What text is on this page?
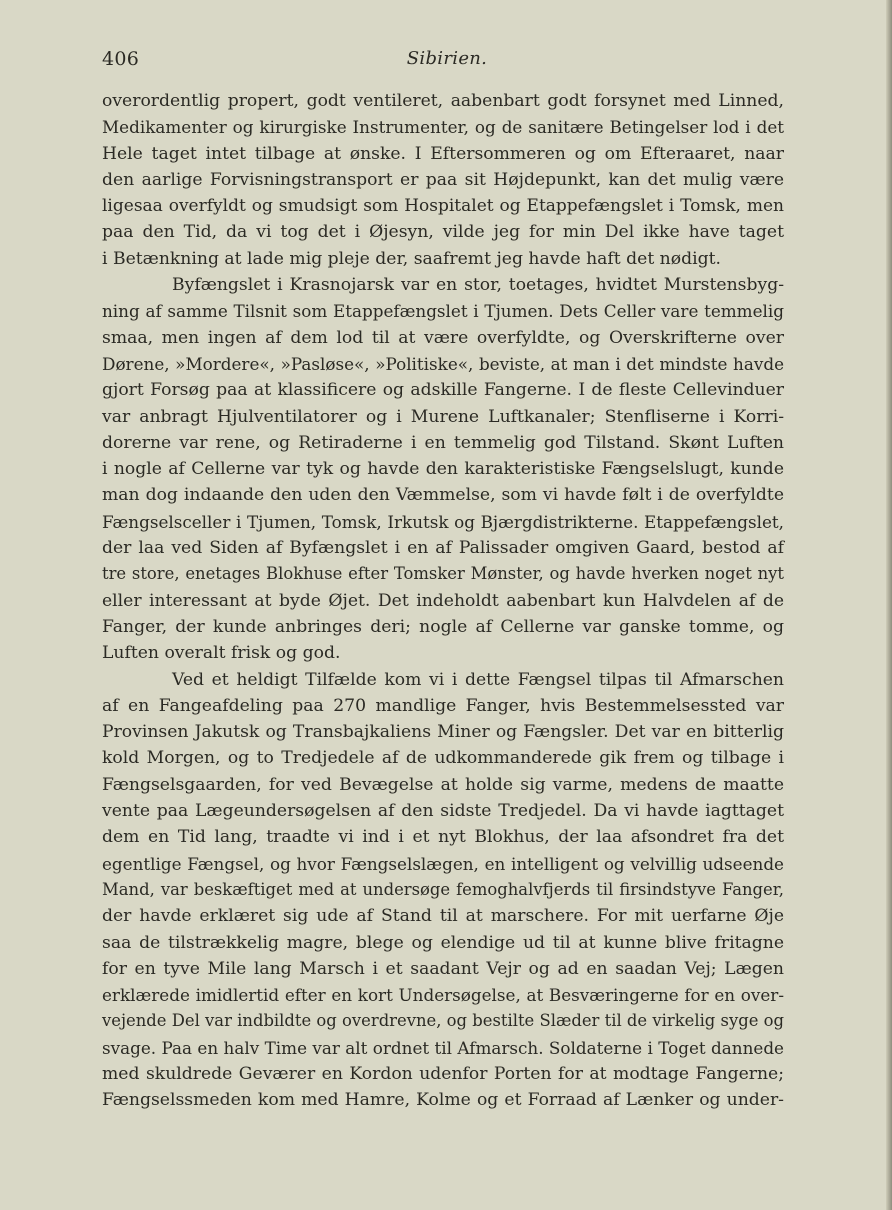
406	Sibirien.
overordentlig propert, godt ventileret, aabenbart godt forsynet med Linned,
Medikamenter og kirurgiske Instrumenter, og de sanitære Betingelser lod i det
Hele taget intet tilbage at ønske. I Eftersommeren og om Efteraaret, naar
den aarlige Forvisningstransport er paa sit Højdepunkt, kan det mulig være
ligesaa overfyldt og smudsigt som Hospitalet og Etappefængslet i Tomsk, men
paa den Tid, da vi tog det i Øjesyn, vilde jeg for min Del ikke have taget
i Betænkning at lade mig pleje der, saafremt jeg havde haft det nødigt.
Byfængslet i Krasnojarsk var en stor, toetages, hvidtet Murstensbyg-
ning af samme Tilsnit som Etappefængslet i Tjumen. Dets Celler vare temmelig
smaa, men ingen af dem lod til at være overfyldte, og Overskrifterne over
Dørene, »Mordere«, »Pasløse«, »Politiske«, beviste, at man i det mindste havde
gjort Forsøg paa at klassificere og adskille Fangerne. I de fleste Cellevinduer
var anbragt Hjulventilatorer og i Murene Luftkanaler; Stenfliserne i Korri-
dorerne var rene, og Retiraderne i en temmelig god Tilstand. Skønt Luften
i nogle af Cellerne var tyk og havde den karakteristiske Fængselslugt, kunde
man dog indaande den uden den Væmmelse, som vi havde følt i de overfyldte
Fængselsceller i Tjumen, Tomsk, Irkutsk og Bjærgdistrikterne. Etappefængslet,
der laa ved Siden af Byfængslet i en af Palissader omgiven Gaard, bestod af
tre store, enetages Blokhuse efter Tomsker Mønster, og havde hverken noget nyt
eller interessant at byde Øjet. Det indeholdt aabenbart kun Halvdelen af de
Fanger, der kunde anbringes deri; nogle af Cellerne var ganske tomme, og
Luften overalt frisk og god.
Ved et heldigt Tilfælde kom vi i dette Fængsel tilpas til Afmarschen
af en Fangeafdeling paa 270 mandlige Fanger, hvis Bestemmelsessted var
Provinsen Jakutsk og Transbajkaliens Miner og Fængsler. Det var en bitterlig
kold Morgen, og to Tredjedele af de udkommanderede gik frem og tilbage i
Fængselsgaarden, for ved Bevægelse at holde sig varme, medens de maatte
vente paa Lægeundersøgelsen af den sidste Tredjedel. Da vi havde iagttaget
dem en Tid lang, traadte vi ind i et nyt Blokhus, der laa afsondret fra det
egentlige Fængsel, og hvor Fængselslægen, en intelligent og velvillig udseende
Mand, var beskæftiget med at undersøge femoghalvfjerds til firsindstyve Fanger,
der havde erklæret sig ude af Stand til at marschere. For mit uerfarne Øje
saa de tilstrækkelig magre, blege og elendige ud til at kunne blive fritagne
for en tyve Mile lang Marsch i et saadant Vejr og ad en saadan Vej; Lægen
erklærede imidlertid efter en kort Undersøgelse, at Besværingerne for en over-
vejende Del var indbildte og overdrevne, og bestilte Slæder til de virkelig syge og
svage. Paa en halv Time var alt ordnet til Afmarsch. Soldaterne i Toget dannede
med skuldrede Geværer en Kordon udenfor Porten for at modtage Fangerne;
Fængselssmeden kom med Hamre, Kolme og et Forraad af Lænker og under-
